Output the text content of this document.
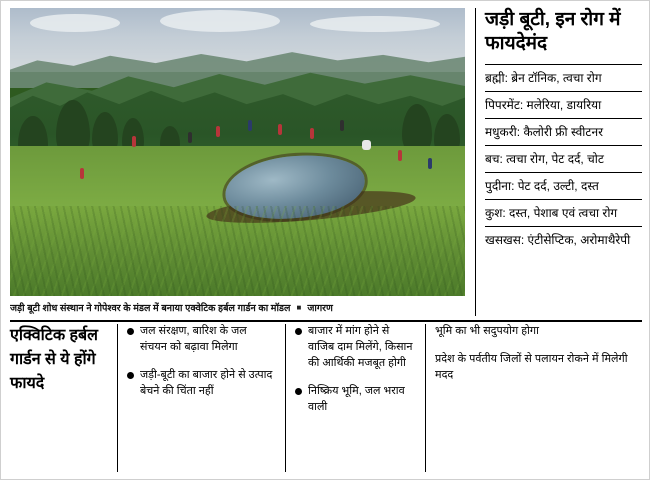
जड़ी बूटी शोध संस्थान ने गोपेश्वर के मंडल में बनाया एक्वेटिक हर्बल गार्डन का मॉडल ■ जागरण
जड़ी बूटी, इन रोग में फायदेमंद
ब्रह्मी: ब्रेन टॉनिक, त्वचा रोग
पिपरमेंट: मलेरिया, डायरिया
मधुकरी: कैलोरी फ्री स्वीटनर
बच: त्वचा रोग, पेट दर्द, चोट
पुदीना: पेट दर्द, उल्टी, दस्त
कुश: दस्त, पेशाब एवं त्वचा रोग
खसखस: एंटीसेप्टिक, अरोमाथैरेपी
एक्विटिक हर्बल गार्डन से ये होंगे फायदे
जल संरक्षण, बारिश के जल संचयन को बढ़ावा मिलेगा
जड़ी-बूटी का बाजार होने से उत्पाद बेचने की चिंता नहीं
बाजार में मांग होने से वाजिब दाम मिलेंगे, किसान की आर्थिकी मजबूत होगी
निष्क्रिय भूमि, जल भराव वाली
भूमि का भी सदुपयोग होगा
प्रदेश के पर्वतीय जिलों से पलायन रोकने में मिलेगी मदद
